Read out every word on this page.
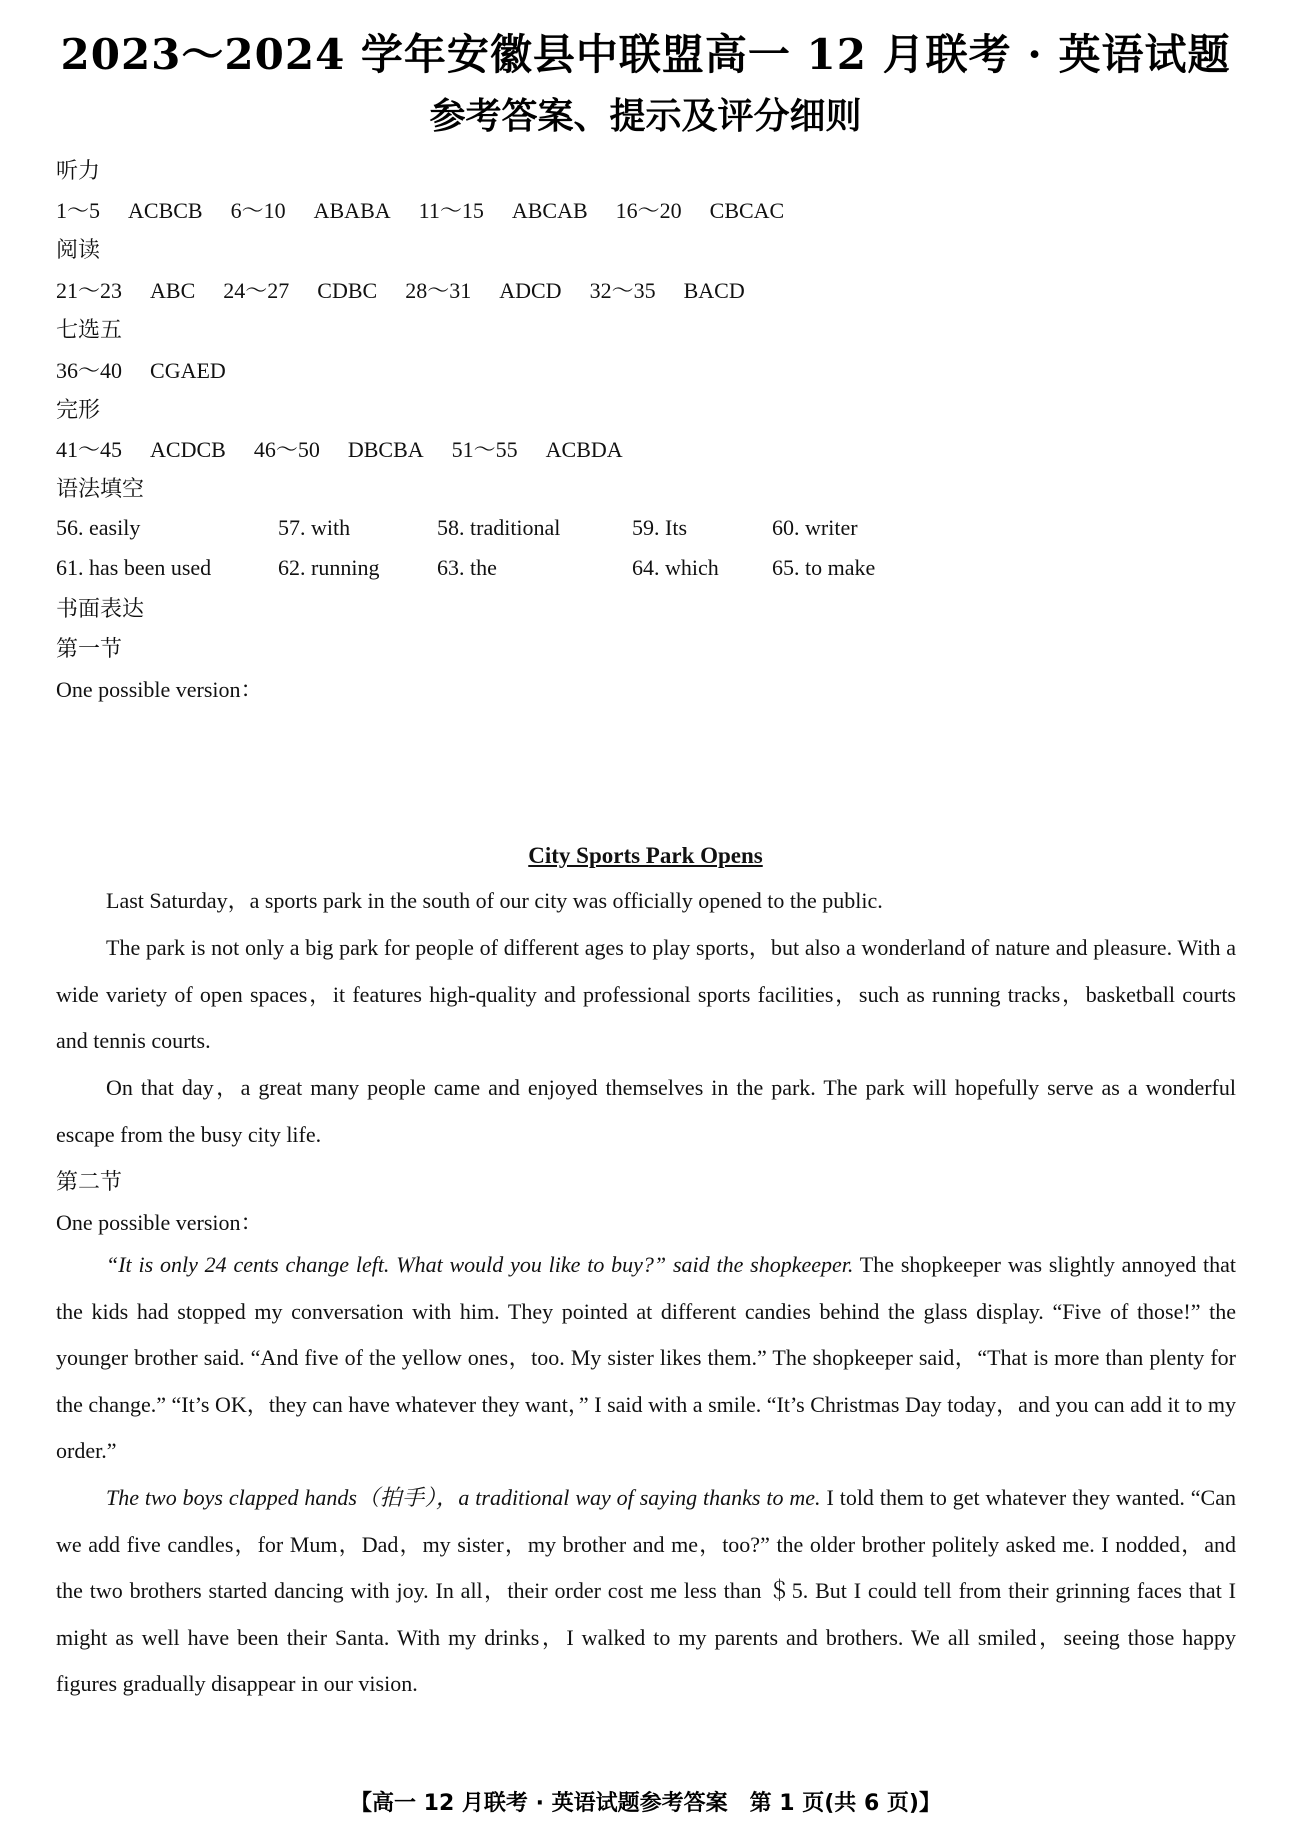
2023～2024 学年安徽县中联盟高一 12 月联考 · 英语试题
参考答案、提示及评分细则
听力
1～5 ACBCB 6～10 ABABA 11～15 ABCAB 16～20 CBCAC
阅读
21～23 ABC 24～27 CDBC 28～31 ADCD 32～35 BACD
七选五
36～40 CGAED
完形
41～45 ACDCB 46～50 DBCBA 51～55 ACBDA
语法填空
56. easily	57. with	58. traditional	59. Its	60. writer
61. has been used	62. running	63. the	64. which 65. to make
书面表达
第一节
One possible version：
City Sports Park Opens

Last Saturday，a sports park in the south of our city was officially opened to the public.

The park is not only a big park for people of different ages to play sports，but also a wonderland of nature and pleasure. With a wide variety of open spaces，it features high-quality and professional sports facilities，such as running tracks，basketball courts and tennis courts.

On that day，a great many people came and enjoyed themselves in the park. The park will hopefully serve as a wonderful escape from the busy city life.

第二节
One possible version：

“It is only 24 cents change left. What would you like to buy?” said the shopkeeper. The shopkeeper was slightly annoyed that the kids had stopped my conversation with him. They pointed at different candies behind the glass display. “Five of those!” the younger brother said. “And five of the yellow ones，too. My sister likes them.” The shopkeeper said，“That is more than plenty for the change.” “It’s OK，they can have whatever they want，” I said with a smile. “It’s Christmas Day today，and you can add it to my order.”

The two boys clapped hands（拍手），a traditional way of saying thanks to me. I told them to get whatever they wanted. “Can we add five candles，for Mum，Dad，my sister，my brother and me，too?” the older brother politely asked me. I nodded，and the two brothers started dancing with joy. In all，their order cost me less than ＄5. But I could tell from their grinning faces that I might as well have been their Santa. With my drinks，I walked to my parents and brothers. We all smiled，seeing those happy figures gradually disappear in our vision.

【高一 12 月联考 · 英语试题参考答案　第 1 页(共 6 页)】
